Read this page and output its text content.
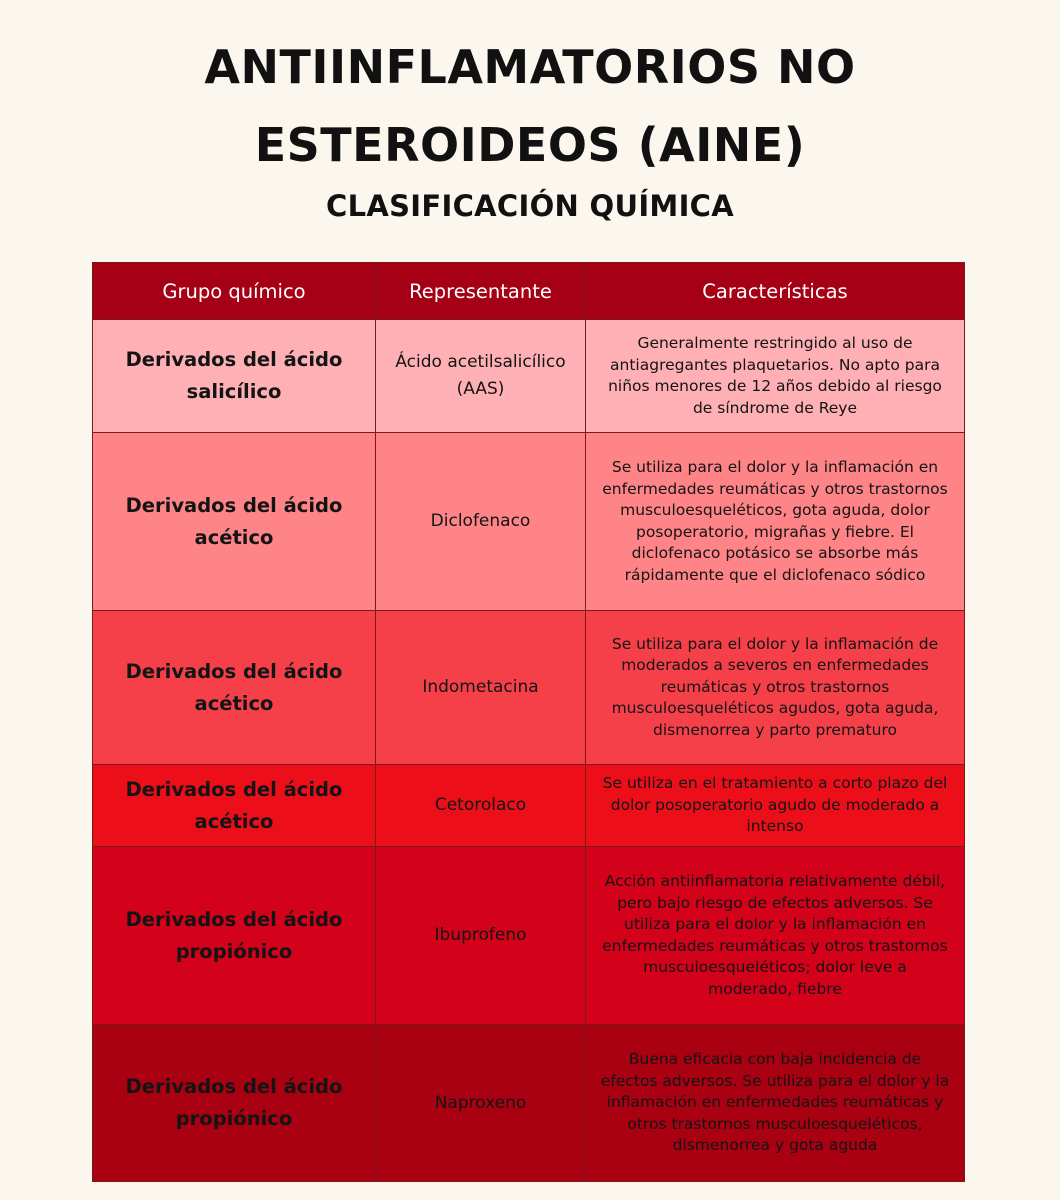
ANTIINFLAMATORIOS NO
ESTEROIDEOS (AINE)
CLASIFICACIÓN QUÍMICA
Grupo químico	Representante	Características
Derivados del ácido salicílico	Ácido acetilsalicílico (AAS)	Generalmente restringido al uso de antiagregantes plaquetarios. No apto para niños menores de 12 años debido al riesgo de síndrome de Reye
Derivados del ácido acético	Diclofenaco	Se utiliza para el dolor y la inflamación en enfermedades reumáticas y otros trastornos musculoesqueléticos, gota aguda, dolor posoperatorio, migrañas y fiebre. El diclofenaco potásico se absorbe más rápidamente que el diclofenaco sódico
Derivados del ácido acético	Indometacina	Se utiliza para el dolor y la inflamación de moderados a severos en enfermedades reumáticas y otros trastornos musculoesqueléticos agudos, gota aguda, dismenorrea y parto prematuro
Derivados del ácido acético	Cetorolaco	Se utiliza en el tratamiento a corto plazo del dolor posoperatorio agudo de moderado a intenso
Derivados del ácido propiónico	Ibuprofeno	Acción antiinflamatoria relativamente débil, pero bajo riesgo de efectos adversos. Se utiliza para el dolor y la inflamación en enfermedades reumáticas y otros trastornos musculoesqueléticos; dolor leve a moderado, fiebre
Derivados del ácido propiónico	Naproxeno	Buena eficacia con baja incidencia de efectos adversos. Se utiliza para el dolor y la inflamación en enfermedades reumáticas y otros trastornos musculoesqueléticos, dismenorrea y gota aguda
